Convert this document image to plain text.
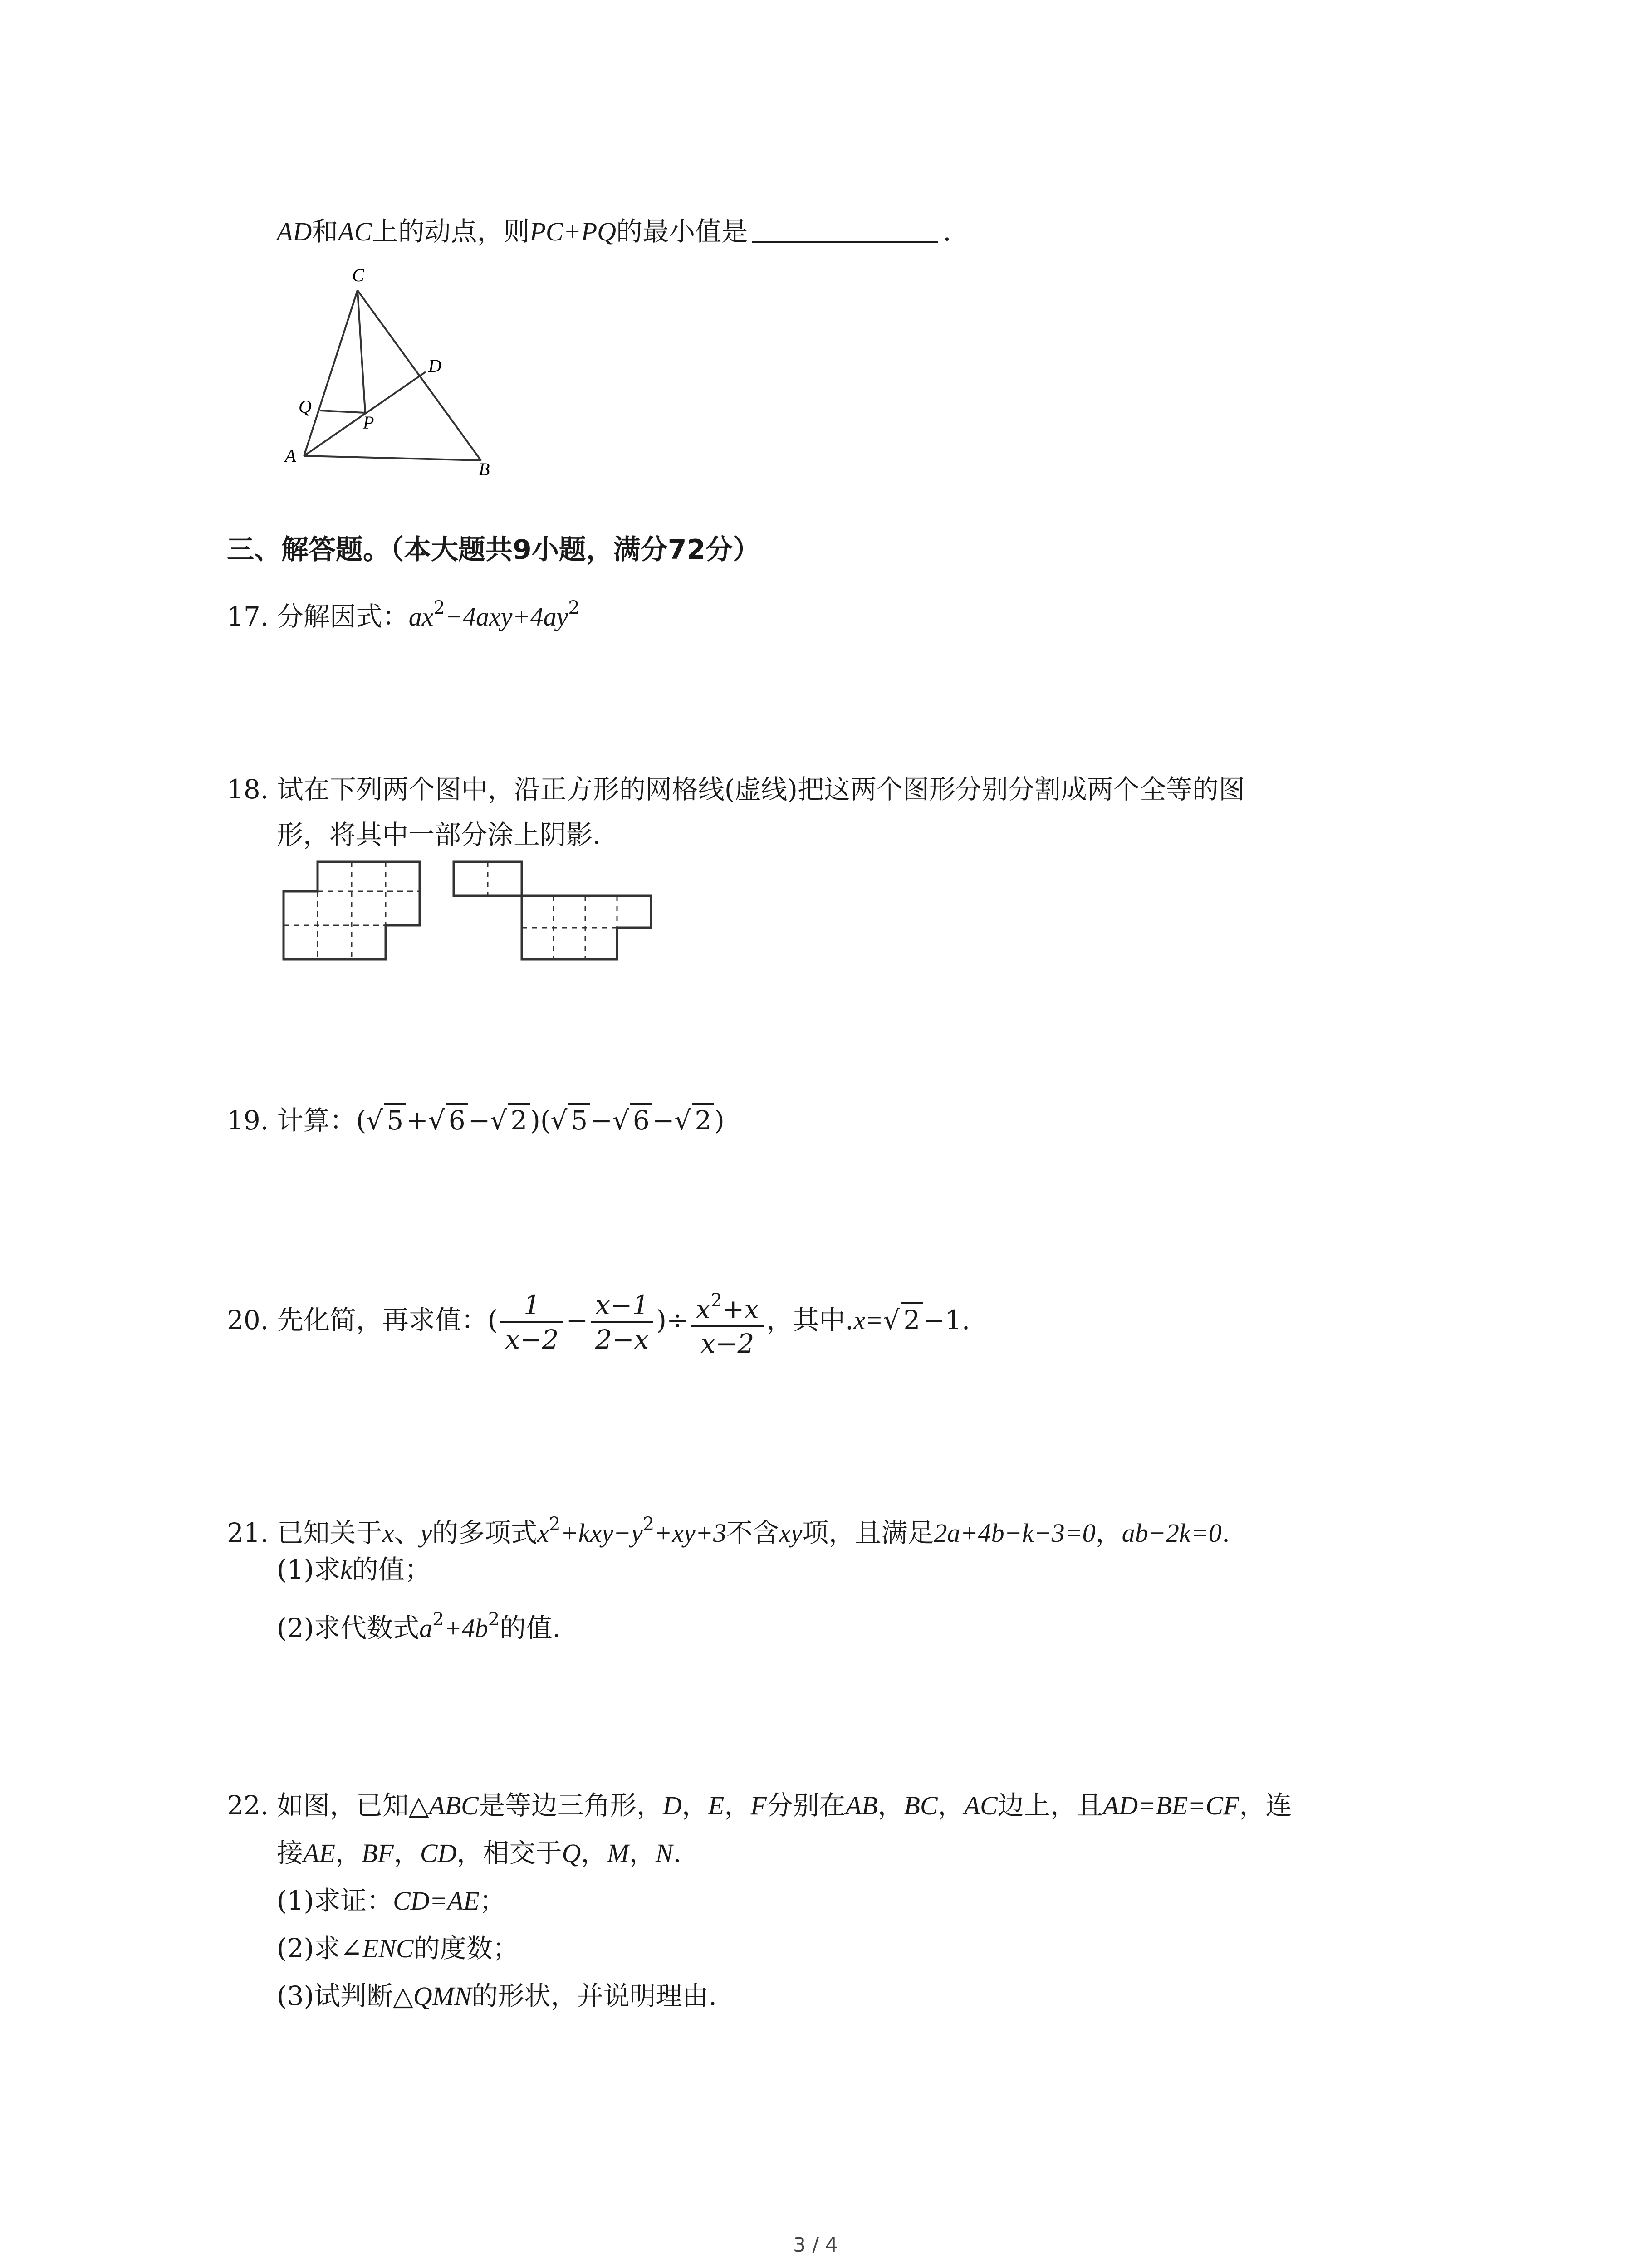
AD和AC上的动点，则PC+PQ的最小值是	.
C
D
Q
P
A
B
三、解答题。（本大题共9小题，满分72分）
17. 分解因式：$ax^2-4axy+4ay^2$
18. 试在下列两个图中，沿正方形的网格线(虚线)把这两个图形分别分割成两个全等的图
形，将其中一部分涂上阴影.
19. 计算：(√ 5 +√ 6 −√ 2 )(√ 5 −√ 6 −√ 2 )
20. 先化简，再求值：( $\frac{1}{x-2} - \frac{x-1}{2-x}$ )÷ $\frac{x^2+x}{x-2}$ ，其中.x=√ 2 −1.
21. 已知关于x、y的多项式$x^2+kxy-y^2+xy+3$不含xy项，且满足2a+4b−k−3=0，ab−2k=0.
(1)求k的值；
(2)求代数式$a^2+4b^2$的值.
22. 如图，已知△ABC是等边三角形，D，E，F分别在AB，BC，AC边上，且AD=BE=CF，连
接AE，BF，CD，相交于Q，M，N.
(1)求证：CD=AE；
(2)求∠ENC的度数；
(3)试判断△QMN的形状，并说明理由.
3 / 4
